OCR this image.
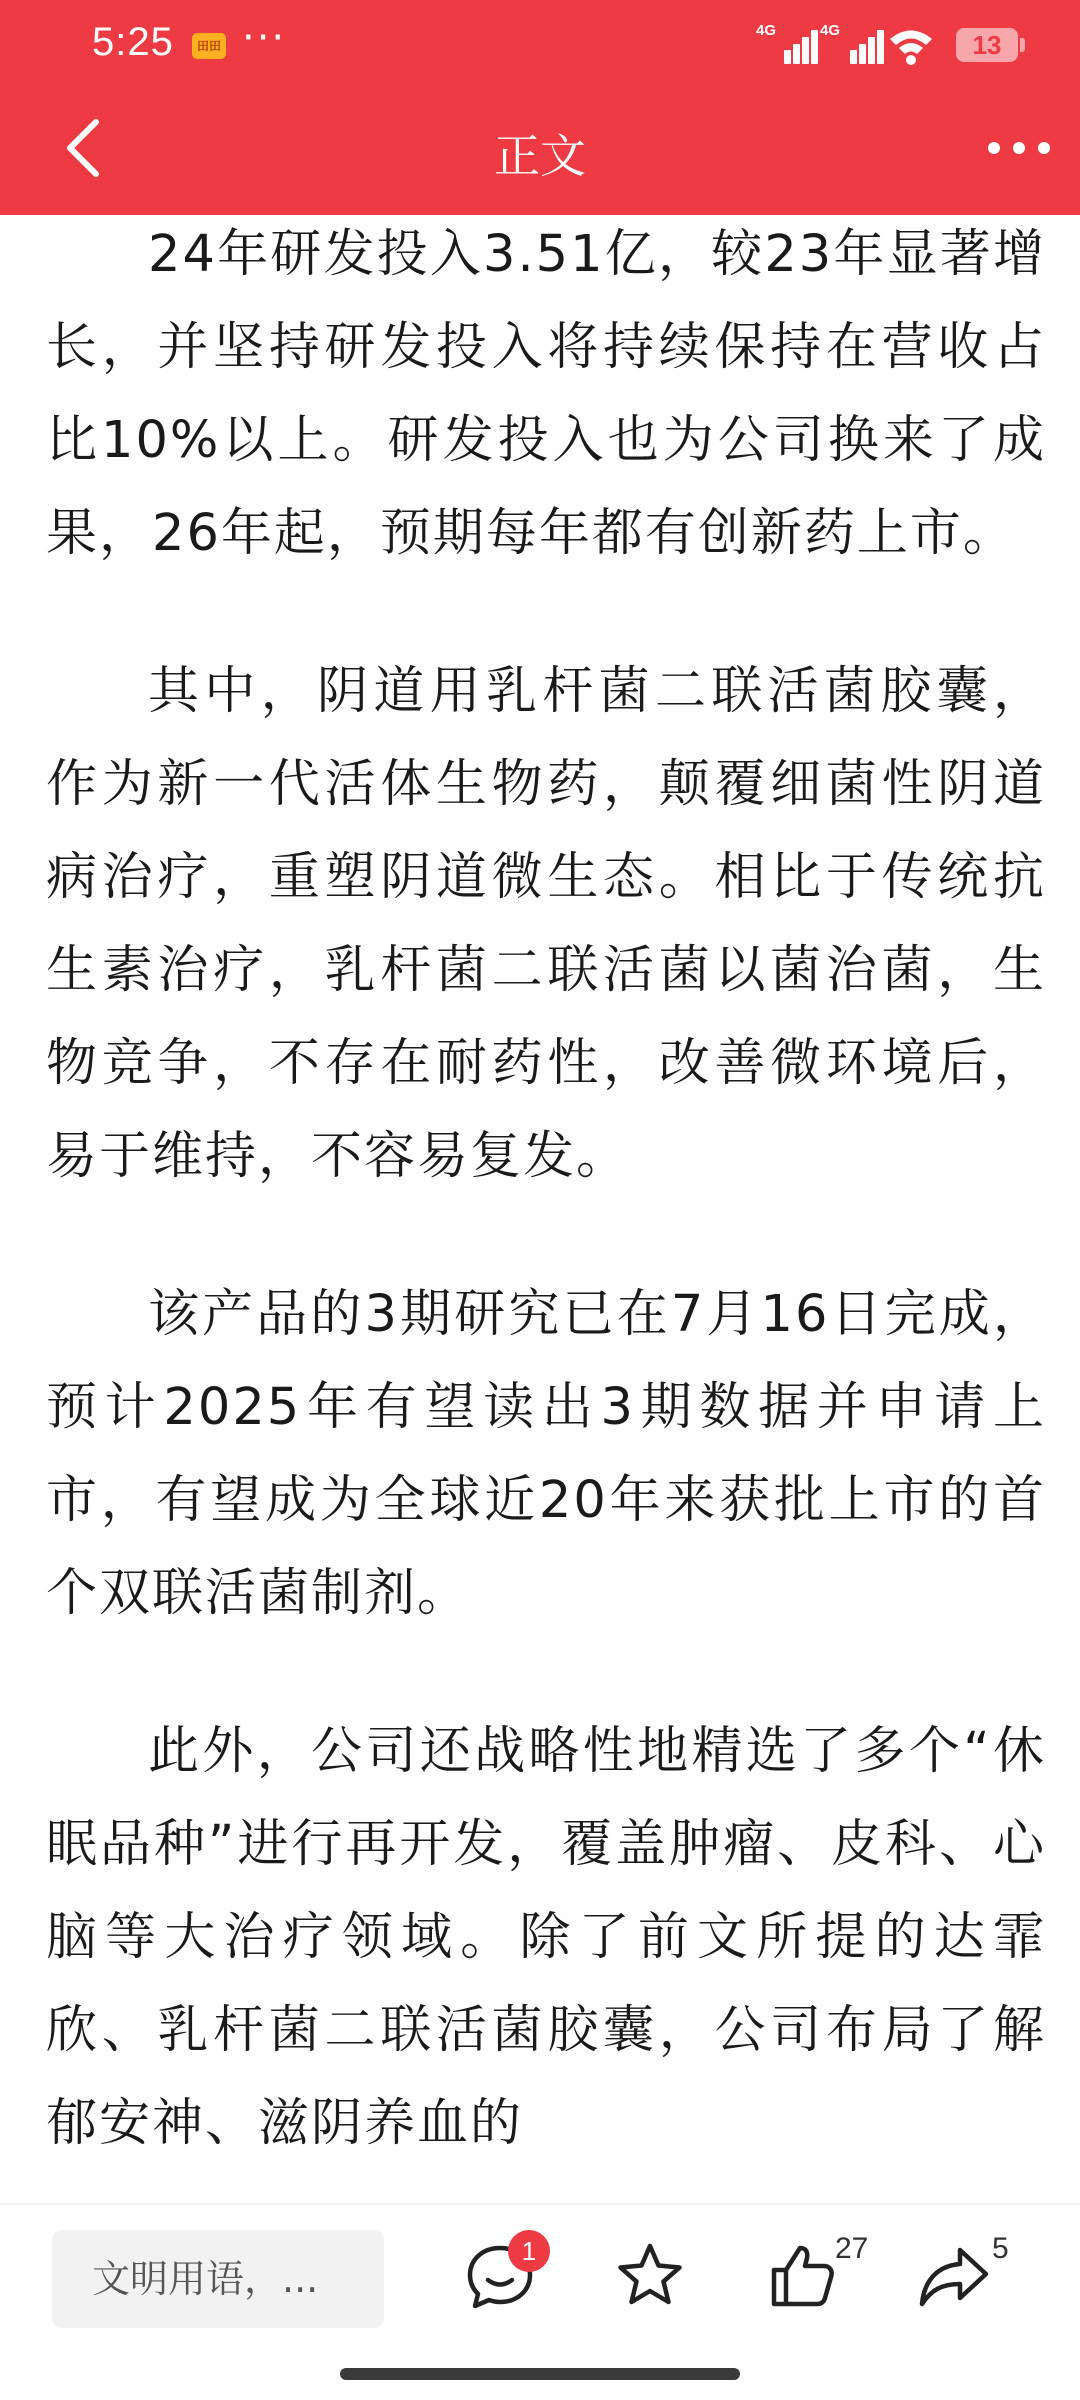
5:25	田田 ···	4G	4G	13
正文

24年研发投入3.51亿，较23年显著增长，并坚持研发投入将持续保持在营收占比10%以上。研发投入也为公司换来了成果，26年起，预期每年都有创新药上市。

其中，阴道用乳杆菌二联活菌胶囊，作为新一代活体生物药，颠覆细菌性阴道病治疗，重塑阴道微生态。相比于传统抗生素治疗，乳杆菌二联活菌以菌治菌，生物竞争，不存在耐药性，改善微环境后，易于维持，不容易复发。

该产品的3期研究已在7月16日完成，预计2025年有望读出3期数据并申请上市，有望成为全球近20年来获批上市的首个双联活菌制剂。

此外，公司还战略性地精选了多个“休眠品种”进行再开发，覆盖肿瘤、皮科、心脑等大治疗领域。除了前文所提的达霏欣、乳杆菌二联活菌胶囊，公司布局了解郁安神、滋阴养血的

文明用语，...
1	27	5
